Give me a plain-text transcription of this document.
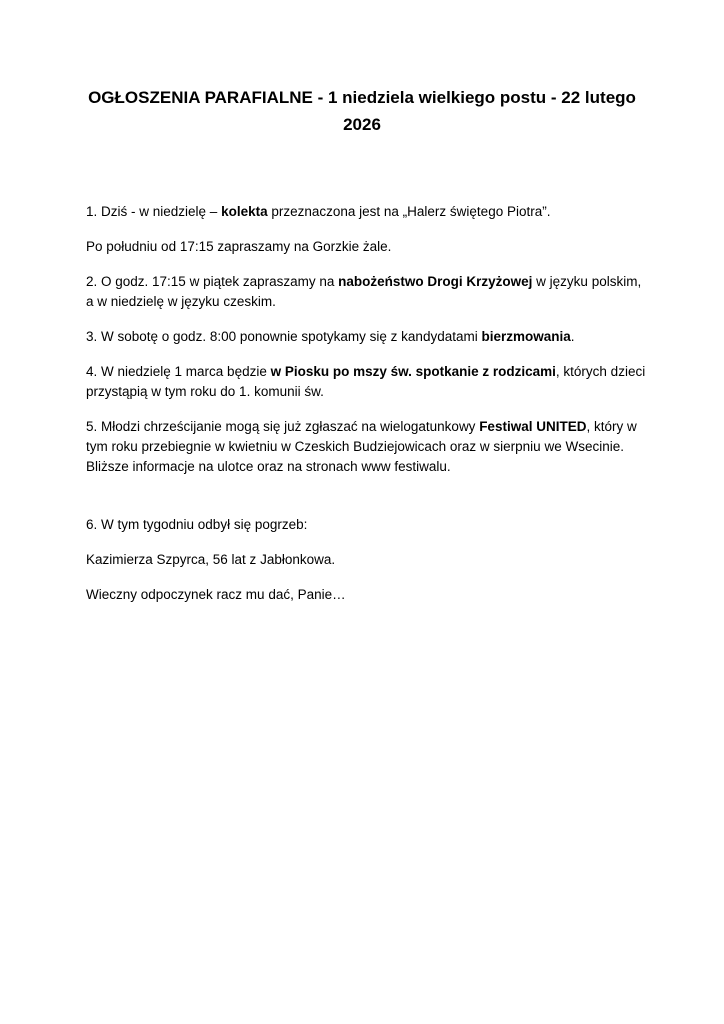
OGŁOSZENIA PARAFIALNE - 1 niedziela wielkiego postu - 22 lutego 2026

1. Dziś - w niedzielę – kolekta przeznaczona jest na „Halerz świętego Piotra”.

Po południu od 17:15 zapraszamy na Gorzkie żale.

2. O godz. 17:15 w piątek zapraszamy na nabożeństwo Drogi Krzyżowej w języku polskim, a w niedzielę w języku czeskim.

3. W sobotę o godz. 8:00 ponownie spotykamy się z kandydatami bierzmowania.

4. W niedzielę 1 marca będzie w Piosku po mszy św. spotkanie z rodzicami, których dzieci przystąpią w tym roku do 1. komunii św.

5. Młodzi chrześcijanie mogą się już zgłaszać na wielogatunkowy Festiwal UNITED, który w tym roku przebiegnie w kwietniu w Czeskich Budziejowicach oraz w sierpniu we Wsecinie. Bliższe informacje na ulotce oraz na stronach www festiwalu.

6. W tym tygodniu odbył się pogrzeb:

Kazimierza Szpyrca, 56 lat z Jabłonkowa.

Wieczny odpoczynek racz mu dać, Panie…
